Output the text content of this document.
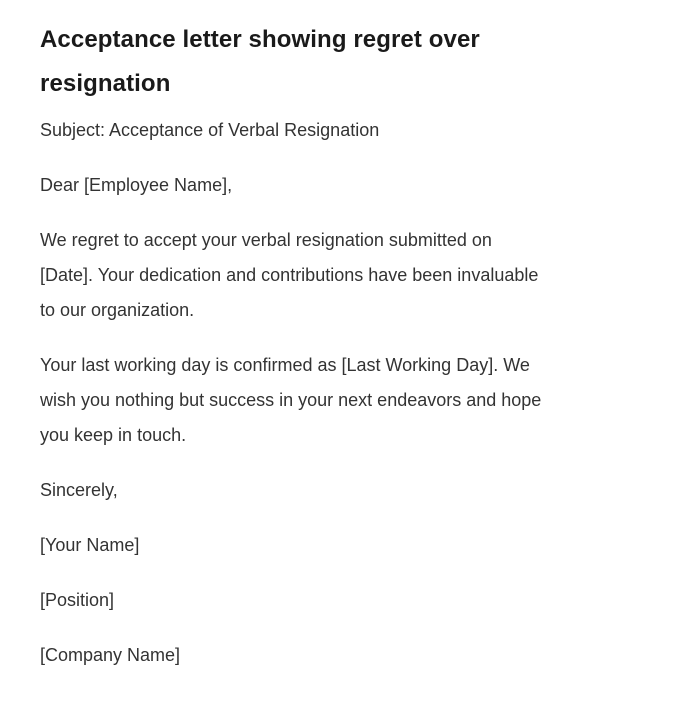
Acceptance letter showing regret over
resignation

Subject: Acceptance of Verbal Resignation

Dear [Employee Name],

We regret to accept your verbal resignation submitted on
[Date]. Your dedication and contributions have been invaluable
to our organization.

Your last working day is confirmed as [Last Working Day]. We
wish you nothing but success in your next endeavors and hope
you keep in touch.

Sincerely,

[Your Name]

[Position]

[Company Name]
